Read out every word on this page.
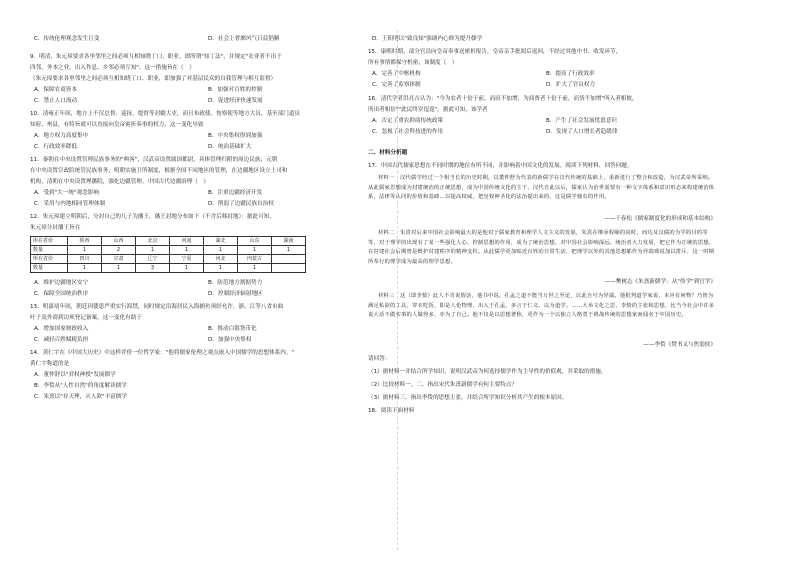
C．传统伦理观念发生巨变	D．社会上奢靡风气日益猖獗
9．明清，朱元璋要求各里邻里之间必须互相知晓丁口、职业，即所谓"知丁法"，并规定"农业者不出于
四邻，务本之业，出入作息，乡邻必须互知"。这一措施旨在（　）
（朱元璋要求各里邻里之间必须互相知晓丁口、职业，即加强了对基层民众的自我管理与相互监督）
A．保障农商皆本	B．加强对百姓的控制
C．禁止人口流动	D．促进经济快速发展
10．清雍正年间，地方上不仅总督、巡抚、提督等封疆大吏，而且布政使、按察使等地方大员，基至部门道员
知府、州县，有特旨就可以直接向皇帝密折奏事的权力，这一变化导致
A．地方权力高度集中	B．中央集权得到加强
C．行政效率降低	D．统治基础扩大
11．秦朝在中央设置管理民族事务的"典客"，汉武帝设置属国都尉，具体管理归附的周边民族；元朝
在中央设置宣政院统管民族事务；明朝实施卫所制度，根据全国不同地区的管理，在边疆地区设立土司和
机构，清朝在中央设置理藩院，强化边疆管理。中国古代边疆治理（　）
A．受到"大一统"观念影响	B．注重边疆经济开发
C．采用与内地相同管理体制	D．削弱了边疆民族自治权
12．朱元璋建立明朝后，分封自己的儿子为藩王，藩王封地分布如下（不含后移封地）：据此可知，
朱元璋分封藩王旨在
所在省份	陕西	山西	北京	河南	湖北	山东	湖南
数量	1	2	1	1	1	1	1
所在省份	四川	甘肃	辽宁	宁夏	河北	内蒙古	
数量	1	1	3	1	1	1	
A．维护边疆地区安宁	B．防范地方割据势力
C．保障全国统治秩序	D．控制经济辐射地区
13．明嘉靖年间，朝廷因倭患严重实行海禁，同时规定沿海居民入海捕鱼须经允许，浙、江等八省市曲
叶子及外商到访须登记备案，这一变化有助于
A．增加国家财政收入	B．推动白银货币化
C．减轻百姓赋税负担	D．加强中央集权
14．黄仁宇在《中国大历史》中这样评价一位哲学家："他将儒家伦理之观点嵌入中国儒学的思想体系内。"
黄仁宇称道的是
A．董仲舒以"君权神授"发展儒学
B．李贽从"人性自然"的角度解读儒学
C．朱熹以"存天理，灭人欲"丰富儒学
D．王阳明以"致良知"强调内心修为提升儒学
15．康熙时期，部分官员向皇帝奏事送密折报告，皇帝亲手批阅后返回，不经过其他中书、收发环节，
所有事情都保守机密，该制度（　）
A．完善了中枢机构	B．提高了行政效率
C．完善了监察体制	D．扩大了官员权力
16．清代学者洪亮吉认为："今为农者十倍于前，而田不加增；为商贾者十倍于前，而货不加增"所入者相彼，
所出者相倍""此民终岁遑遑"。据此可知，该学者
A．否定了重农抑商传统政策	B．产生了社会发展忧患意识
C．忽视了社会科技进的作用	D．发现了人口增长者趋缓律
二、材料分析题
17．中国古代儒家思想在不同时期的地位有所不同，并影响着中国文化的发展。阅读下列材料，回答问题。
材料一　汉代儒学经过一个相当长的历史时期，以董仲舒为代表的新儒学在汉代传统的基础上，重新进行了整合和改造，为汉武帝所采纳。从此儒家思想成为封建统治的正统思想，成为中国传统文化的主干，汉代自此以后，儒家认为治世需要有一种文字体系和意识形态来构建统治体系，法律等认同的价值和基础…以提高权威，把皇权神圣化的法治提出来的，这是儒学独有的作用。
——干春松《儒家制度化的形成和基本结构》
材料二　朱熹对后来中国社会影响最大的是他对于儒家教育和理学人文主义的发展，朱熹在继承程颐的同时，而达及汉儒的为学的目的等等，对于理学的出现有了某一些强化人心、控制思想的作用，成为了统治思想，对中国社会影响深远。统治者大力发展，把它作为正统的思想，在封建社会后期曾是维护封建秩序的精神支柱。从此儒学更加贴近百姓的日常生活，把理学以外的其他思想都作为异端邪说加以排斥，这一时期所奉行的理学成为最高的理学思想。
——樊树志《朱熹新儒学：从"伪学"到官学》
材料三　这（即李贽）此人不肯说假话，他书中说，孔孟之道不能当万世之至论，以此自号为异端。他批判道学家说，本应有何物？乃皆为满足私欲的工具，穿衣吃饭，即是人伦物理，出入于孔孟，多言于仁义，以为道学。……大举文化之思，李贽的主张和思想，比当今社会中许多说大话不做实事的人做得多，亦为了自己。他不仅是以思想著称，更作为一个以独立人格勇于挑战传统的思想家而闻名于中国历史。
——李贽《焚书又与焦弱侯》
请回答：
（1）据材料一并结合所学知识，说明汉武帝为何选择儒学作为主导性的价值观，并采取的措施。
（2）比较材料一、二，指出宋代朱熹新儒学有何主要特点？
（3）据材料三，指出李贽的思想主张，并结合所学知识分析其产生的根本原因。
18．阅读下面材料
